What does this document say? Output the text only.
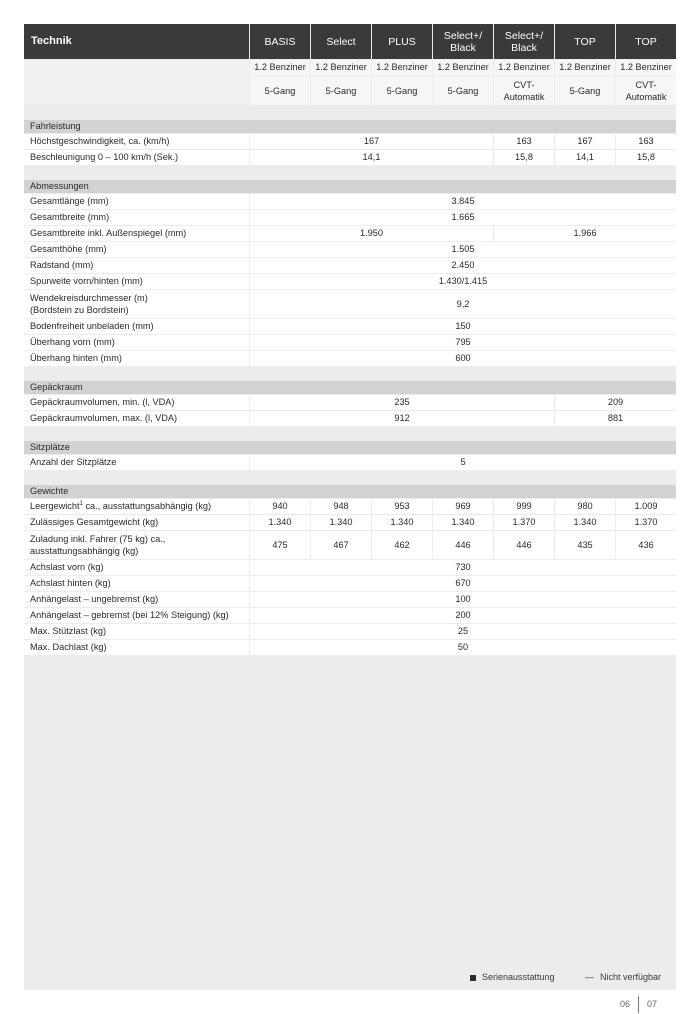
Technik	BASIS	Select	PLUS	Select+/
Black	Select+/
Black	TOP	TOP

	1.2 Benziner	1.2 Benziner	1.2 Benziner	1.2 Benziner	1.2 Benziner	1.2 Benziner	1.2 Benziner

	5-Gang	5-Gang	5-Gang	5-Gang	CVT-
Automatik	5-Gang	CVT-
Automatik

Fahrleistung							
Höchstgeschwindigkeit, ca. (km/h)	167				163	167	163
Beschleunigung 0 – 100 km/h (Sek.)	14,1				15,8	14,1	15,8

Abmessungen							
Gesamtlänge (mm)	3.845						
Gesamtbreite (mm)	1.665						
Gesamtbreite inkl. Außenspiegel (mm)	1.950				1.966		
Gesamthöhe (mm)	1.505						
Radstand (mm)	2.450						
Spurweite vorn/hinten (mm)	1.430/1.415						

Wendekreisdurchmesser (m)
(Bordstein zu Bordstein)	9,2						
Bodenfreiheit unbeladen (mm)	150						
Überhang vorn (mm)	795						
Überhang hinten (mm)	600						

Gepäckraum							
Gepäckraumvolumen, min. (l, VDA)	235					209	
Gepäckraumvolumen, max. (l, VDA)	912					881	

Sitzplätze							
Anzahl der Sitzplätze	5						

Gewichte							
Leergewicht$^1$ ca., ausstattungsabhängig (kg)	940	948	953	969	999	980	1.009
Zulässiges Gesamtgewicht (kg)	1.340	1.340	1.340	1.340	1.370	1.340	1.370

Zuladung inkl. Fahrer (75 kg) ca.,
ausstattungsabhängig (kg)	475	467	462	446	446	435	436
Achslast vorn (kg)	730						
Achslast hinten (kg)	670						
Anhängelast – ungebremst (kg)	100						
Anhängelast – gebremst (bei 12% Steigung) (kg)	200						
Max. Stützlast (kg)	25						
Max. Dachlast (kg)	50						
Serienausstattung	— Nicht verfügbar
06 07
